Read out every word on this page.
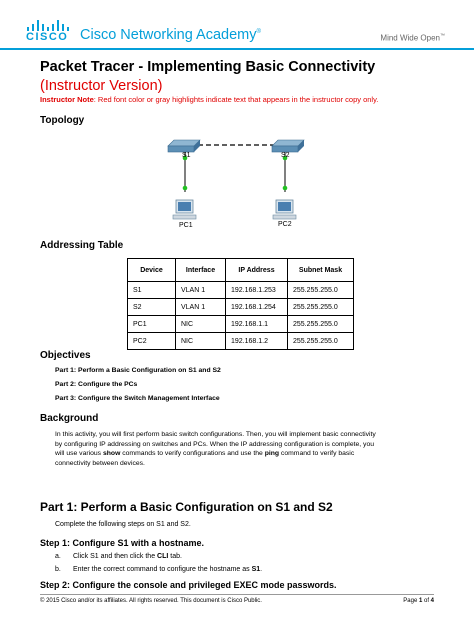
CISCO Cisco Networking Academy®
Mind Wide Open™
Packet Tracer - Implementing Basic Connectivity (Instructor Version)
Instructor Note: Red font color or gray highlights indicate text that appears in the instructor copy only.
Topology
S1	S2
PC1	PC2
Addressing Table
Device	Interface	IP Address	Subnet Mask
S1	VLAN 1	192.168.1.253	255.255.255.0
S2	VLAN 1	192.168.1.254	255.255.255.0
PC1	NIC	192.168.1.1	255.255.255.0
PC2	NIC	192.168.1.2	255.255.255.0
Objectives
Part 1: Perform a Basic Configuration on S1 and S2
Part 2: Configure the PCs
Part 3: Configure the Switch Management Interface
Background
In this activity, you will first perform basic switch configurations. Then, you will implement basic connectivity
by configuring IP addressing on switches and PCs. When the IP addressing configuration is complete, you
will use various show commands to verify configurations and use the ping command to verify basic
connectivity between devices.
Part 1: Perform a Basic Configuration on S1 and S2
Complete the following steps on S1 and S2.
Step 1: Configure S1 with a hostname.
a. Click S1 and then click the CLI tab.
b. Enter the correct command to configure the hostname as S1.
Step 2: Configure the console and privileged EXEC mode passwords.
© 2015 Cisco and/or its affiliates. All rights reserved. This document is Cisco Public.	Page 1 of 4
